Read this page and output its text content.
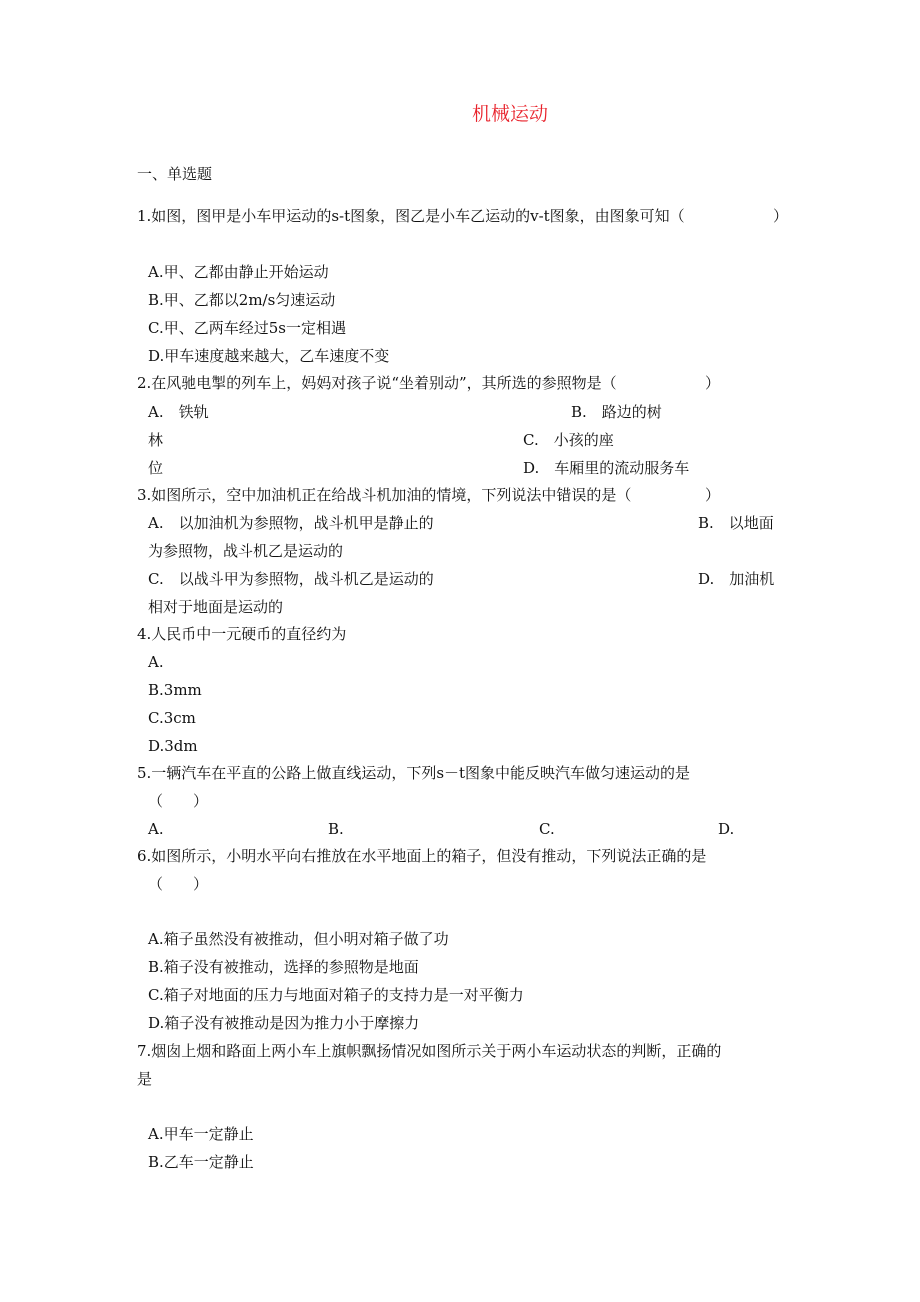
机械运动
一、单选题
1.如图，图甲是小车甲运动的s-t图象，图乙是小车乙运动的v-t图象，由图象可知（	）
A.甲、乙都由静止开始运动
B.甲、乙都以2m/s匀速运动
C.甲、乙两车经过5s一定相遇
D.甲车速度越来越大，乙车速度不变
2.在风驰电掣的列车上，妈妈对孩子说“坐着别动”，其所选的参照物是（	）
A.　铁轨	B.　路边的树
林	C.　小孩的座
位	D.　车厢里的流动服务车
3.如图所示，空中加油机正在给战斗机加油的情境，下列说法中错误的是（	）
A.　以加油机为参照物，战斗机甲是静止的	B.　以地面
为参照物，战斗机乙是运动的
C.　以战斗甲为参照物，战斗机乙是运动的	D.　加油机
相对于地面是运动的
4.人民币中一元硬币的直径约为
A.
B.3mm
C.3cm
D.3dm
5.一辆汽车在平直的公路上做直线运动，下列s－t图象中能反映汽车做匀速运动的是
（　　）
A.	B.	C.	D.
6.如图所示，小明水平向右推放在水平地面上的箱子，但没有推动，下列说法正确的是
（　　）
A.箱子虽然没有被推动，但小明对箱子做了功
B.箱子没有被推动，选择的参照物是地面
C.箱子对地面的压力与地面对箱子的支持力是一对平衡力
D.箱子没有被推动是因为推力小于摩擦力
7.烟囱上烟和路面上两小车上旗帜飘扬情况如图所示关于两小车运动状态的判断，正确的
是
A.甲车一定静止
B.乙车一定静止
